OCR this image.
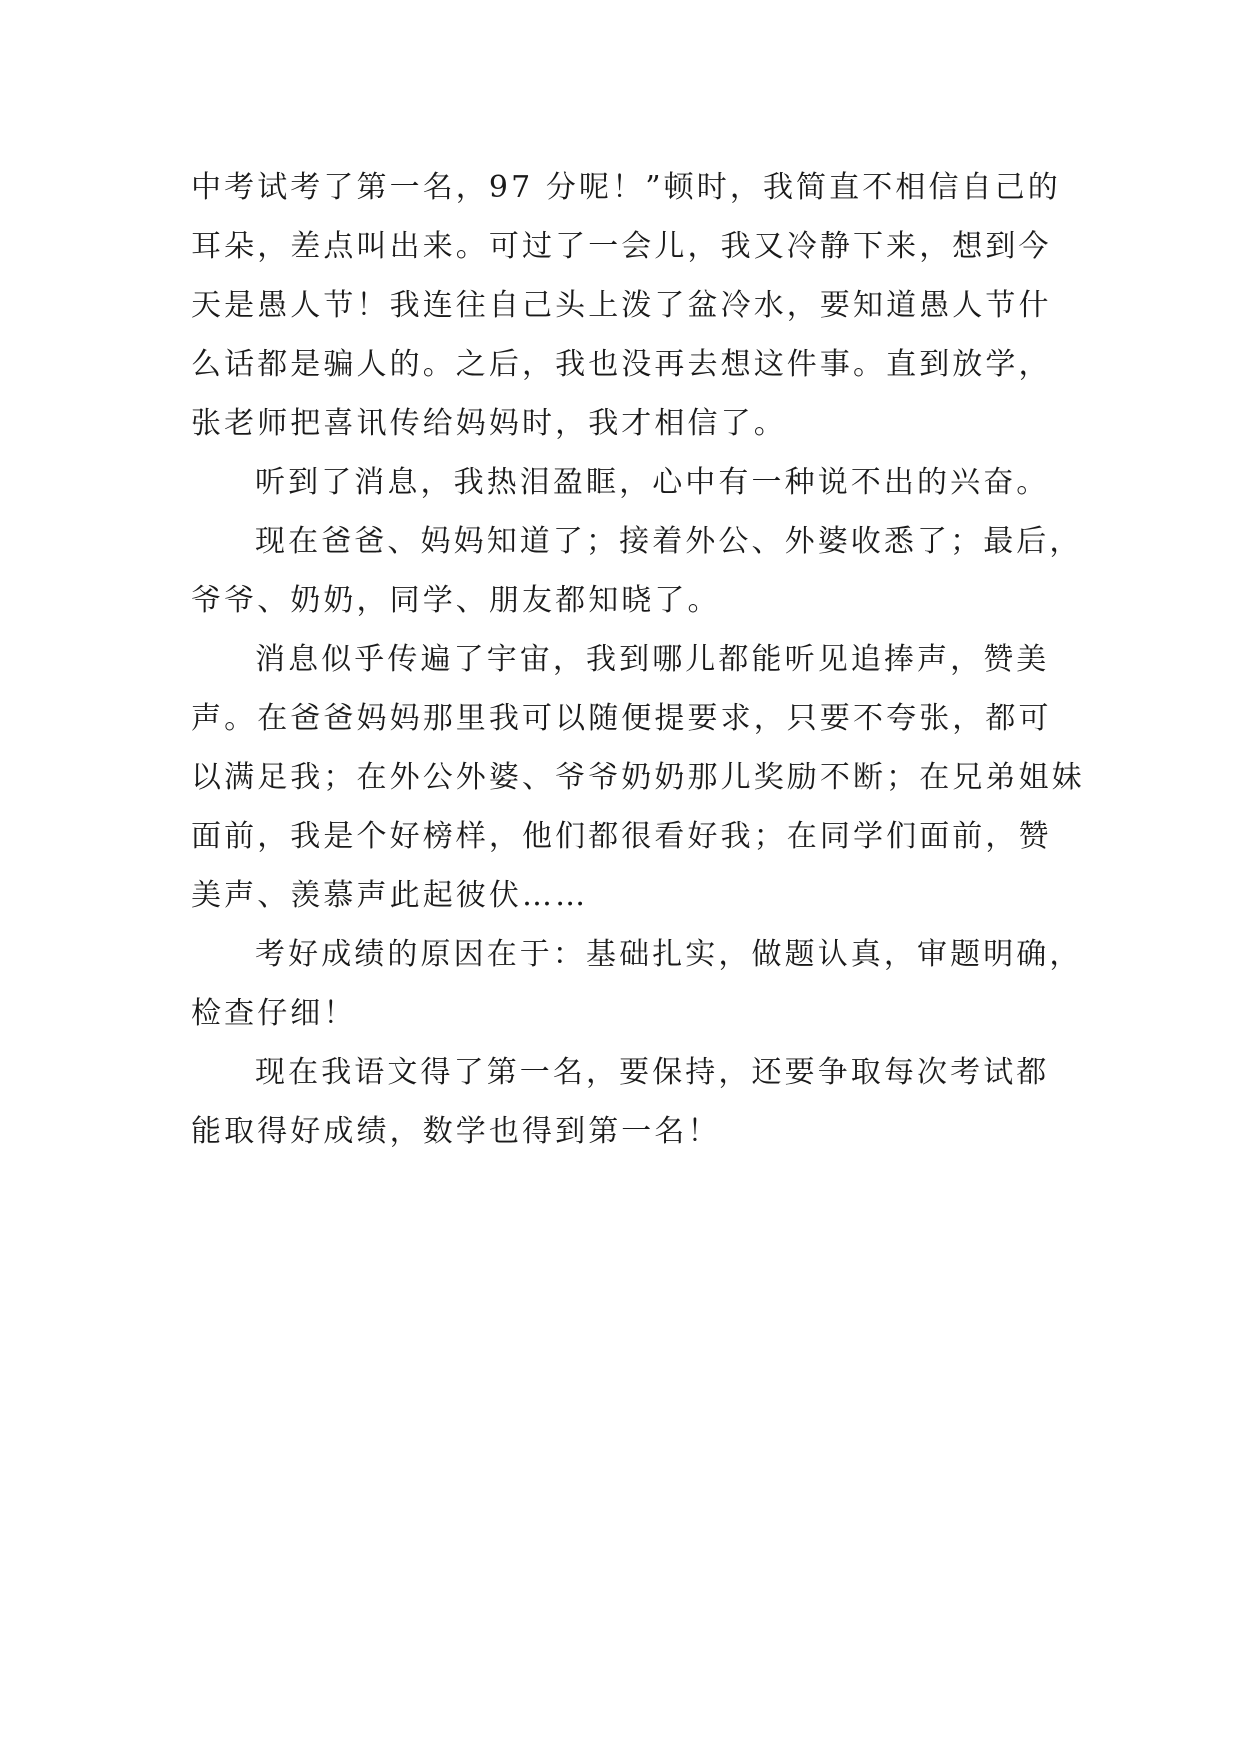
中考试考了第一名，97 分呢！”顿时，我简直不相信自己的
耳朵，差点叫出来。可过了一会儿，我又冷静下来，想到今
天是愚人节！我连往自己头上泼了盆冷水，要知道愚人节什
么话都是骗人的。之后，我也没再去想这件事。直到放学，
张老师把喜讯传给妈妈时，我才相信了。
听到了消息，我热泪盈眶，心中有一种说不出的兴奋。
现在爸爸、妈妈知道了；接着外公、外婆收悉了；最后，
爷爷、奶奶，同学、朋友都知晓了。
消息似乎传遍了宇宙，我到哪儿都能听见追捧声，赞美
声。在爸爸妈妈那里我可以随便提要求，只要不夸张，都可
以满足我；在外公外婆、爷爷奶奶那儿奖励不断；在兄弟姐妹
面前，我是个好榜样，他们都很看好我；在同学们面前，赞
美声、羡慕声此起彼伏……
考好成绩的原因在于：基础扎实，做题认真，审题明确，
检查仔细！
现在我语文得了第一名，要保持，还要争取每次考试都
能取得好成绩，数学也得到第一名！
